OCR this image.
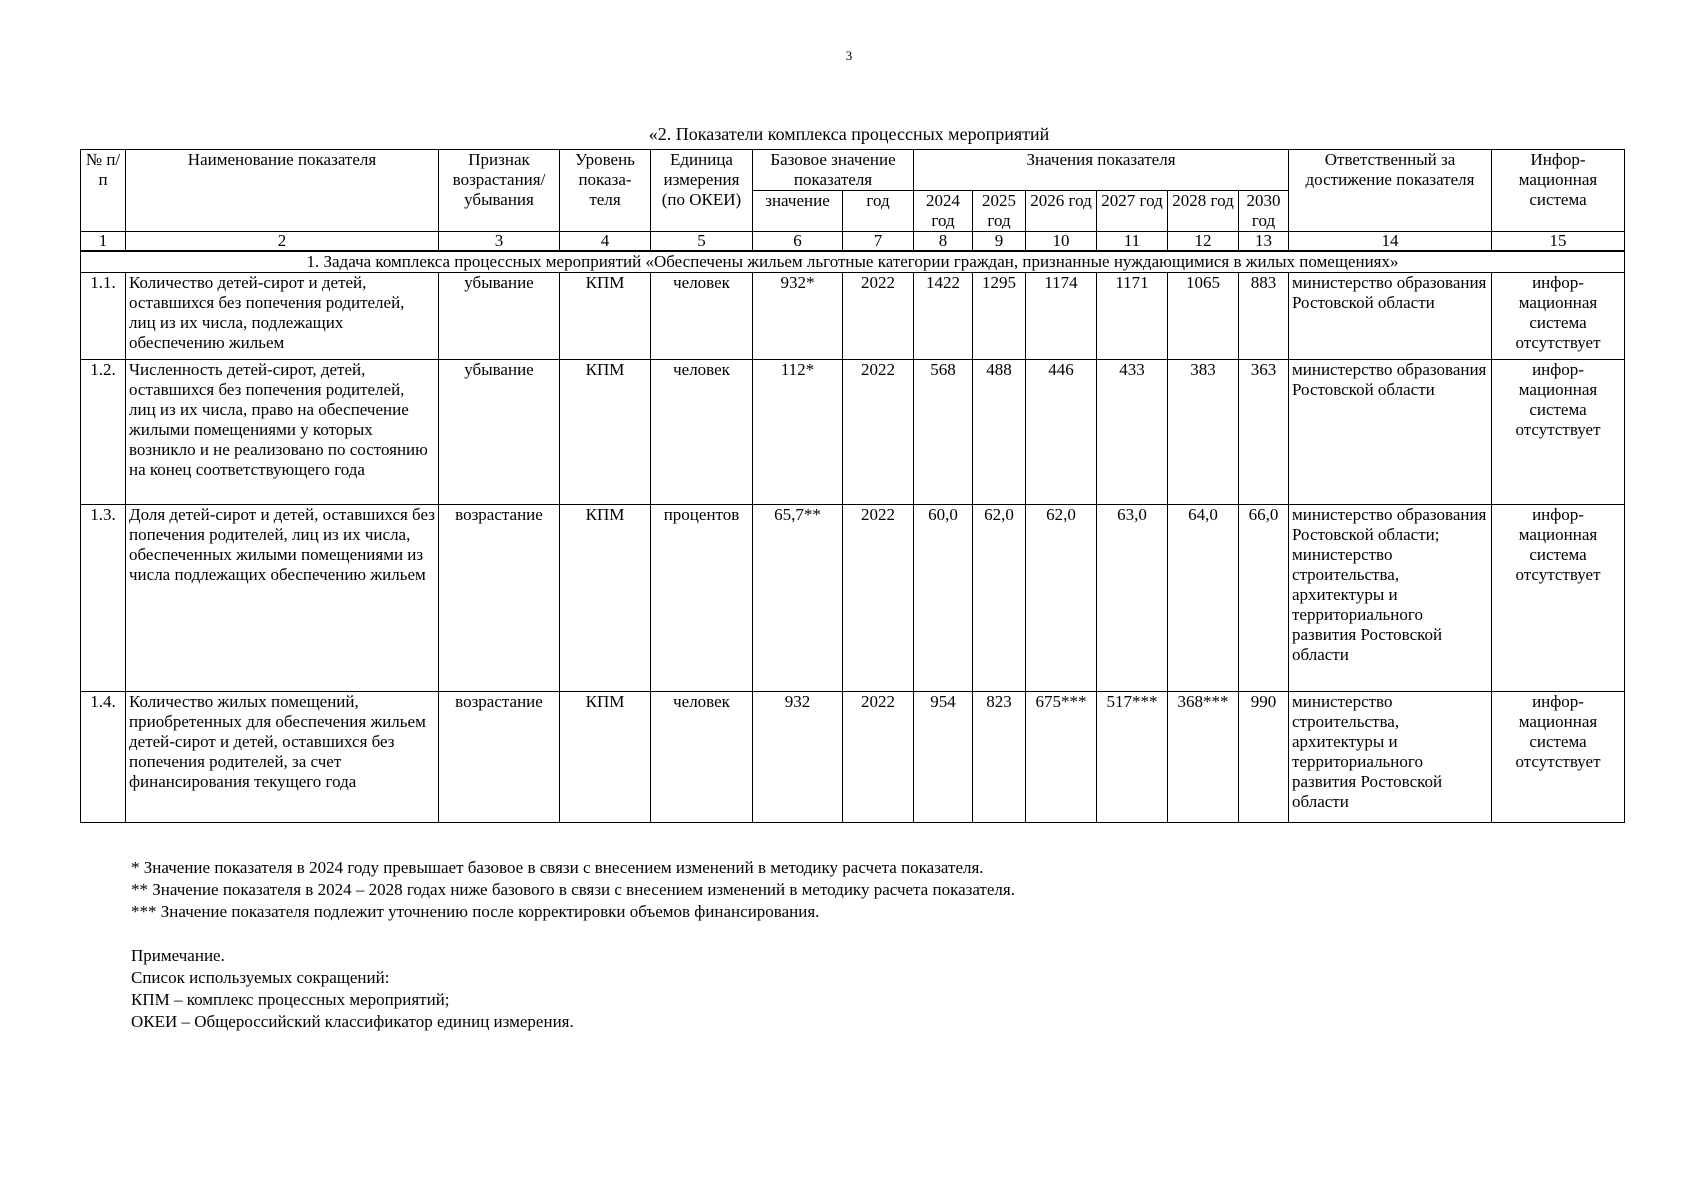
3
«2. Показатели комплекса процессных мероприятий
№ п/п	Наименование показателя	Признак возрастания/ убывания	Уровень показа-теля	Единица измерения (по ОКЕИ)	Базовое значение показателя		Значения показателя						Ответственный за достижение показателя	Инфор-мационная система
					значение	год	2024 год	2025 год	2026 год	2027 год	2028 год	2030 год		

1	2	3	4	5	6	7	8	9	10	11	12	13	14	15
1. Задача комплекса процессных мероприятий «Обеспечены жильем льготные категории граждан, признанные нуждающимися в жилых помещениях»														
1.1.	Количество детей-сирот и детей, оставшихся без попечения родителей, лиц из их числа, подлежащих обеспечению жильем	убывание	КПМ	человек	932*	2022	1422	1295	1174	1171	1065	883	министерство образования Ростовской области	инфор-мационная система отсутствует
1.2.	Численность детей-сирот, детей, оставшихся без попечения родителей, лиц из их числа, право на обеспечение жилыми помещениями у которых возникло и не реализовано по состоянию на конец соответствующего года	убывание	КПМ	человек	112*	2022	568	488	446	433	383	363	министерство образования Ростовской области	инфор-мационная система отсутствует
1.3.	Доля детей-сирот и детей, оставшихся без попечения родителей, лиц из их числа, обеспеченных жилыми помещениями из числа подлежащих обеспечению жильем	возрастание	КПМ	процентов	65,7**	2022	60,0	62,0	62,0	63,0	64,0	66,0	министерство образования Ростовской области; министерство строительства, архитектуры и территориального развития Ростовской области	инфор-мационная система отсутствует
1.4.	Количество жилых помещений, приобретенных для обеспечения жильем детей-сирот и детей, оставшихся без попечения родителей, за счет финансирования текущего года	возрастание	КПМ	человек	932	2022	954	823	675***	517***	368***	990	министерство строительства, архитектуры и территориального развития Ростовской области	инфор-мационная система отсутствует

* Значение показателя в 2024 году превышает базовое в связи с внесением изменений в методику расчета показателя.

** Значение показателя в 2024 – 2028 годах ниже базового в связи с внесением изменений в методику расчета показателя.

*** Значение показателя подлежит уточнению после корректировки объемов финансирования.

Примечание.

Список используемых сокращений:

КПМ – комплекс процессных мероприятий;

ОКЕИ – Общероссийский классификатор единиц измерения.
